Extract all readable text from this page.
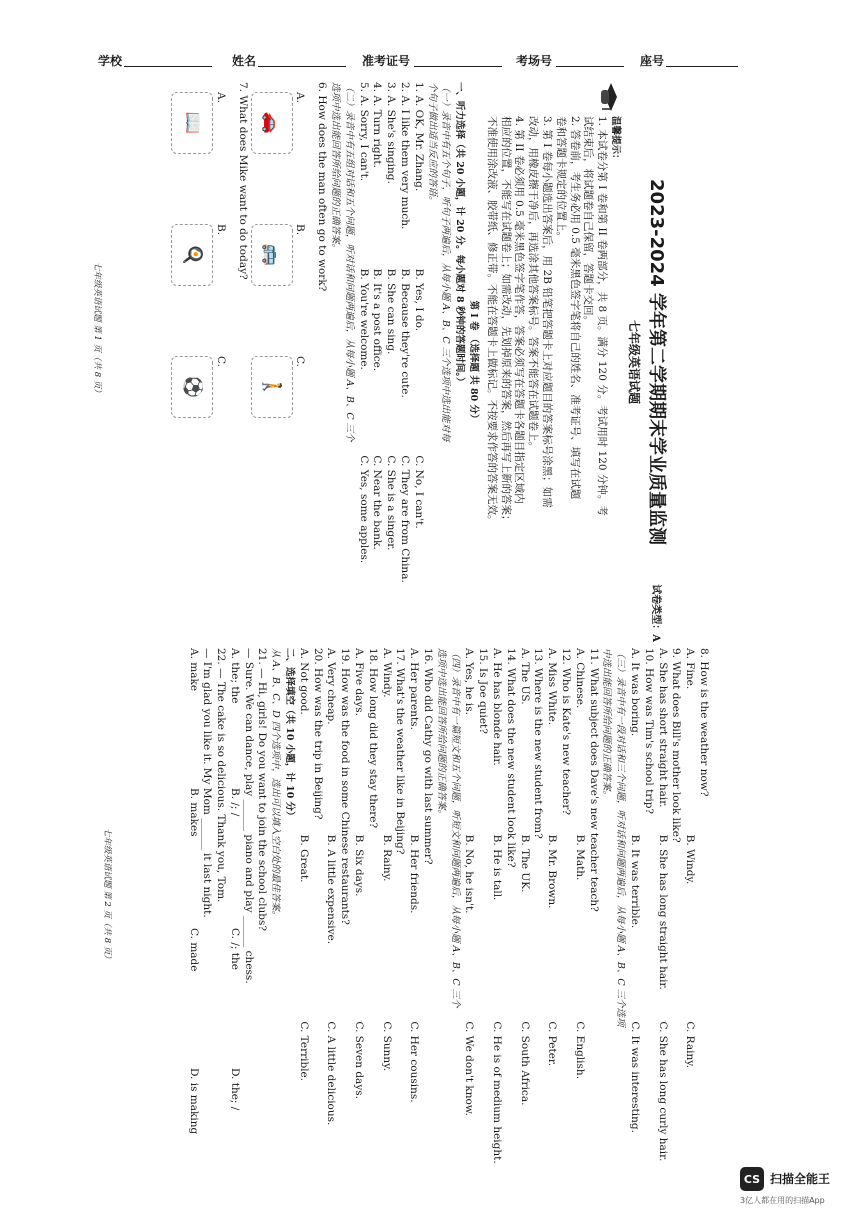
学校	姓名	准考证号	考场号	座号
试卷类型：A
2023-2024 学年第二学期期末学业质量监测
七年级英语试题

温馨提示：

1. 本试卷分第 I 卷和第 II 卷两部分，共 8 页。满分 120 分。考试用时 120 分钟。考

试结束后，将试题卷自己保留，答题卡交回。

2. 答卷前，考生务必用 0.5 毫米黑色签字笔将自己的姓名、准考证号、填写在试题

卷和答题卡规定的位置上。

3. 第 I 卷每小题选出答案后，用 2B 铅笔把答题卡上对应题目的答案标号涂黑；如需

改动，用橡皮擦干净后，再选涂其他答案标号。答案不能答在试题卷上。

4. 第 II 卷必须用 0.5 毫米黑色签字笔作答，答案必须写在答题卡各题目指定区域内

相应的位置，不能写在试题卷上；如需改动，先划掉原来的答案，然后再写上新的答案；

不准使用涂改液、胶带纸、修正带。不能在答题卡上做标记。不按要求作答的答案无效。

第 I 卷 （选择题 共 80 分）

一、听力选择（共 20 小题，计 20 分。每小题对 8 秒钟的答题时间。）

（一）录音中有五个句子，听句子两遍后，从每小题 A、B、C 三个选项中选出能对每

个句子做出适当反应的答语。

1. A. OK, Mr. Zhang.
B. Yes, I do.
C. No, I can't.
2. A. I like them very much.
B. Because they're cute.
C. They are from China.
3. A. She's singing.
B. She can sing.
C. She is a singer.
4. A. Turn right.
B. It's a post office.
C. Near the bank.
5. A. Sorry, I can't.
B. You're welcome.
C. Yes, some apples.

（二）录音中有五组对话和五个问题，听对话和问题两遍后，从每小题 A、B、C 三个

选项中选出能回答所给问题的正确答案。

6. How does the man often go to work?

A.
🚗
B.
🚌
C.
🚶

7. What does Mike want to do today?

A.
📖
B.
🍳
C.
⚽
七年级英语试题 第 1 页（共 8 页）

8. How is the weather now?

A. Fine.
B. Windy.
C. Rainy.

9. What does Bill's mother look like?

A. She has short straight hair.
B. She has long straight hair.
C. She has long curly hair.

10. How was Tim's school trip?

A. It was boring.
B. It was terrible.
C. It was interesting.

（三）录音中有一段对话和三个问题，听对话和问题两遍后，从每小题 A、B、C 三个选项

中选出能回答所给问题的正确答案。

11. What subject does Dave's new teacher teach?

A. Chinese.
B. Math.
C. English.

12. Who is Kate's new teacher?

A. Miss White.
B. Mr. Brown.
C. Peter.

13. Where is the new student from?

A. The US.
B. The UK.
C. South Africa.

14. What does the new student look like?

A. He has blonde hair.
B. He is tall.
C. He is of medium height.

15. Is Joe quiet?

A. Yes, he is.
B. No, he isn't.
C. We don't know.

（四）录音中有一篇短文和五个问题，听短文和问题两遍后，从每小题 A、B、C 三个

选项中选出能回答所给问题的正确答案。

16. Who did Cathy go with last summer?

A. Her parents.
B. Her friends.
C. Her cousins.

17. What's the weather like in Beijing?

A. Windy.
B. Rainy.
C. Sunny.

18. How long did they stay there?

A. Five days.
B. Six days.
C. Seven days.

19. How was the food in some Chinese restaurants?

A. Very cheap.
B. A little expensive.
C. A little delicious.

20. How was the trip in Beijing?

A. Not good.
B. Great.
C. Terrible.

二、选择填空（共 10 小题，计 10 分）

从 A、B、C、D 四个选项中，选出可以填入空白处的最佳答案。

21. — Hi, girls! Do you want to join the school clubs?

— Sure. We can dance, play ______ piano and play ______ chess.

A. the; the
B. /; /
C. /; the
D. the; /

22. — The cake is so delicious. Thank you, Tom.

— I'm glad you like it. My Mom ______ it last night.

A. make
B. makes
C. made
D. is making
七年级英语试题 第 2 页（共 8 页）
CS 扫描全能王
3亿人都在用的扫描App
